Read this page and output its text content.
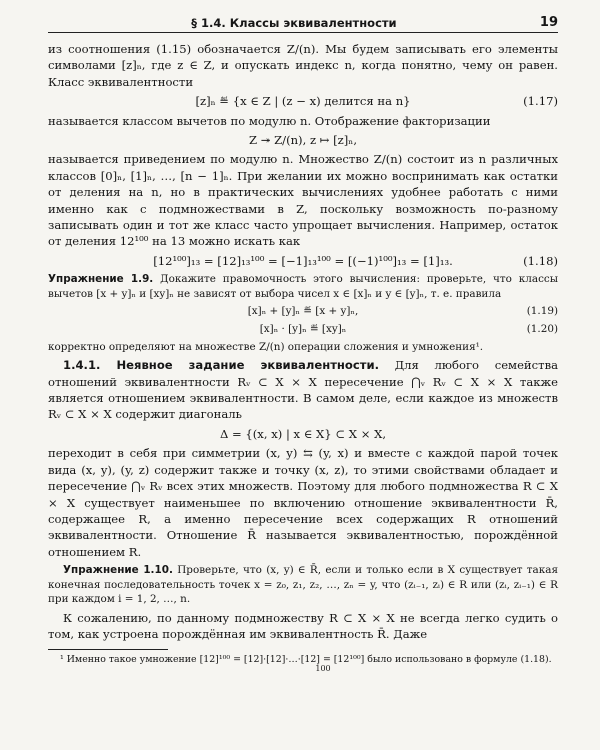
§ 1.4. Классы эквивалентности	19

из соотношения (1.15) обозначается Z/(n). Мы будем записывать его элементы символами [z]ₙ, где z ∈ Z, и опускать индекс n, когда понятно, чему он равен. Класс эквивалентности

[z]ₙ ≝ {x ∈ Z | (z − x) делится на n}	(1.17)

называется классом вычетов по модулю n. Отображение факторизации

Z ↠ Z/(n), z ↦ [z]ₙ,

называется приведением по модулю n. Множество Z/(n) состоит из n различных классов [0]ₙ, [1]ₙ, …, [n − 1]ₙ. При желании их можно воспринимать как остатки от деления на n, но в практических вычислениях удобнее работать с ними именно как с подмножествами в Z, поскольку возможность по-разному записывать один и тот же класс часто упрощает вычисления. Например, остаток от деления 12¹⁰⁰ на 13 можно искать как

[12¹⁰⁰]₁₃ = [12]₁₃¹⁰⁰ = [−1]₁₃¹⁰⁰ = [(−1)¹⁰⁰]₁₃ = [1]₁₃.	(1.18)
Упражнение 1.9. Докажите правомочность этого вычисления: проверьте, что классы вычетов [x + y]ₙ и [xy]ₙ не зависят от выбора чисел x ∈ [x]ₙ и y ∈ [y]ₙ, т. е. правила
[x]ₙ + [y]ₙ ≝ [x + y]ₙ,	(1.19)
[x]ₙ · [y]ₙ ≝ [xy]ₙ	(1.20)
корректно определяют на множестве Z/(n) операции сложения и умножения¹.

1.4.1. Неявное задание эквивалентности. Для любого семейства отношений эквивалентности Rᵥ ⊂ X × X пересечение ⋂ᵥ Rᵥ ⊂ X × X также является отношением эквивалентности. В самом деле, если каждое из множеств Rᵥ ⊂ X × X содержит диагональ

Δ = {(x, x) | x ∈ X} ⊂ X × X,

переходит в себя при симметрии (x, y) ⇆ (y, x) и вместе с каждой парой точек вида (x, y), (y, z) содержит также и точку (x, z), то этими свойствами обладает и пересечение ⋂ᵥ Rᵥ всех этих множеств. Поэтому для любого подмножества R ⊂ X × X существует наименьшее по включению отношение эквивалентности R̄, содержащее R, а именно пересечение всех содержащих R отношений эквивалентности. Отношение R̄ называется эквивалентностью, порождённой отношением R.

Упражнение 1.10. Проверьте, что (x, y) ∈ R̄, если и только если в X существует такая конечная последовательность точек x = z₀, z₁, z₂, …, zₙ = y, что (zᵢ₋₁, zᵢ) ∈ R или (zᵢ, zᵢ₋₁) ∈ R при каждом i = 1, 2, …, n.

К сожалению, по данному подмножеству R ⊂ X × X не всегда легко судить о том, как устроена порождённая им эквивалентность R̄. Даже

¹ Именно такое умножение [12]¹⁰⁰ = [12]·[12]·…·[12] = [12¹⁰⁰] было использовано в формуле (1.18).
100
